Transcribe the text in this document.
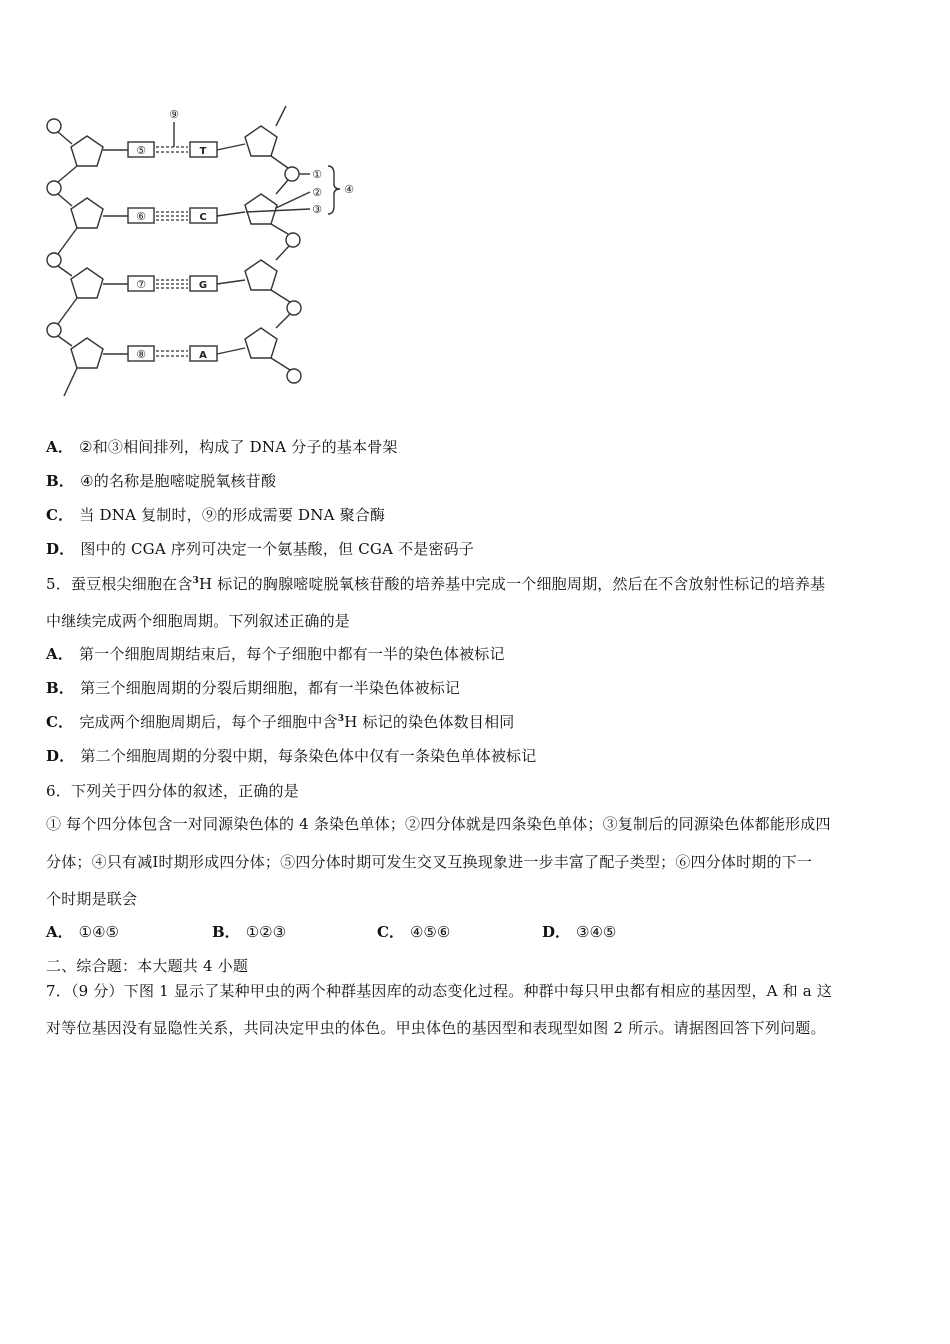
⑤	T
⑥	C
⑦	G
⑧	A
⑨
①
②
③
④
A． ②和③相间排列，构成了 DNA 分子的基本骨架
B． ④的名称是胞嘧啶脱氧核苷酸
C． 当 DNA 复制时，⑨的形成需要 DNA 聚合酶
D． 图中的 CGA 序列可决定一个氨基酸，但 CGA 不是密码子
5．蚕豆根尖细胞在含$^3$H 标记的胸腺嘧啶脱氧核苷酸的培养基中完成一个细胞周期，然后在不含放射性标记的培养基
中继续完成两个细胞周期。下列叙述正确的是
A． 第一个细胞周期结束后，每个子细胞中都有一半的染色体被标记
B． 第三个细胞周期的分裂后期细胞，都有一半染色体被标记
C． 完成两个细胞周期后，每个子细胞中含$^3$H 标记的染色体数目相同
D． 第二个细胞周期的分裂中期，每条染色体中仅有一条染色单体被标记
6．下列关于四分体的叙述，正确的是
① 每个四分体包含一对同源染色体的 4 条染色单体；②四分体就是四条染色单体；③复制后的同源染色体都能形成四
分体；④只有减Ⅰ时期形成四分体；⑤四分体时期可发生交叉互换现象进一步丰富了配子类型；⑥四分体时期的下一
个时期是联会
A． ①④⑤	B． ①②③	C． ④⑤⑥	D． ③④⑤
二、综合题：本大题共 4 小题
7．（9 分）下图 1 显示了某种甲虫的两个种群基因库的动态变化过程。种群中每只甲虫都有相应的基因型，A 和 a 这
对等位基因没有显隐性关系，共同决定甲虫的体色。甲虫体色的基因型和表现型如图 2 所示。请据图回答下列问题。
